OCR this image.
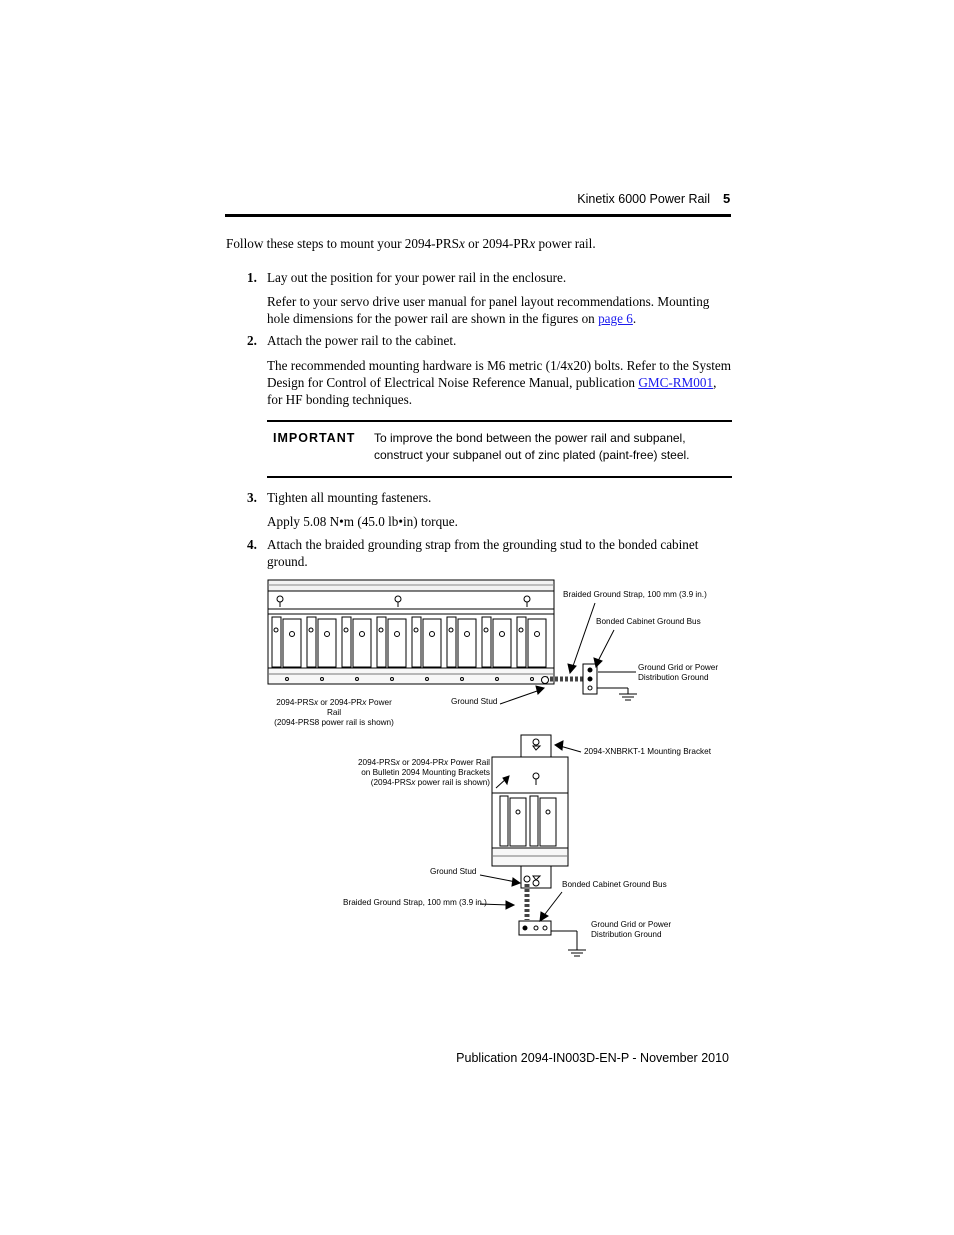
Kinetix 6000 Power Rail 5
Follow these steps to mount your 2094-PRSx or 2094-PRx power rail.
1. Lay out the position for your power rail in the enclosure.
Refer to your servo drive user manual for panel layout recommendations. Mounting hole dimensions for the power rail are shown in the figures on page 6.
2. Attach the power rail to the cabinet.
The recommended mounting hardware is M6 metric (1/4x20) bolts. Refer to the System Design for Control of Electrical Noise Reference Manual, publication GMC-RM001, for HF bonding techniques.
IMPORTANT To improve the bond between the power rail and subpanel, construct your subpanel out of zinc plated (paint-free) steel.
3. Tighten all mounting fasteners.
Apply 5.08 N•m (45.0 lb•in) torque.
4. Attach the braided grounding strap from the grounding stud to the bonded cabinet ground.
Braided Ground Strap, 100 mm (3.9 in.)
Bonded Cabinet Ground Bus
Ground Grid or Power
Distribution Ground
Ground Stud
2094-PRSx or 2094-PRx Power Rail
(2094-PRS8 power rail is shown)
2094-XNBRKT-1 Mounting Bracket
2094-PRSx or 2094-PRx Power Rail
on Bulletin 2094 Mounting Brackets
(2094-PRSx power rail is shown)
Ground Stud
Bonded Cabinet Ground Bus
Braided Ground Strap, 100 mm (3.9 in.)
Ground Grid or Power
Distribution Ground
Publication 2094-IN003D-EN-P - November 2010
